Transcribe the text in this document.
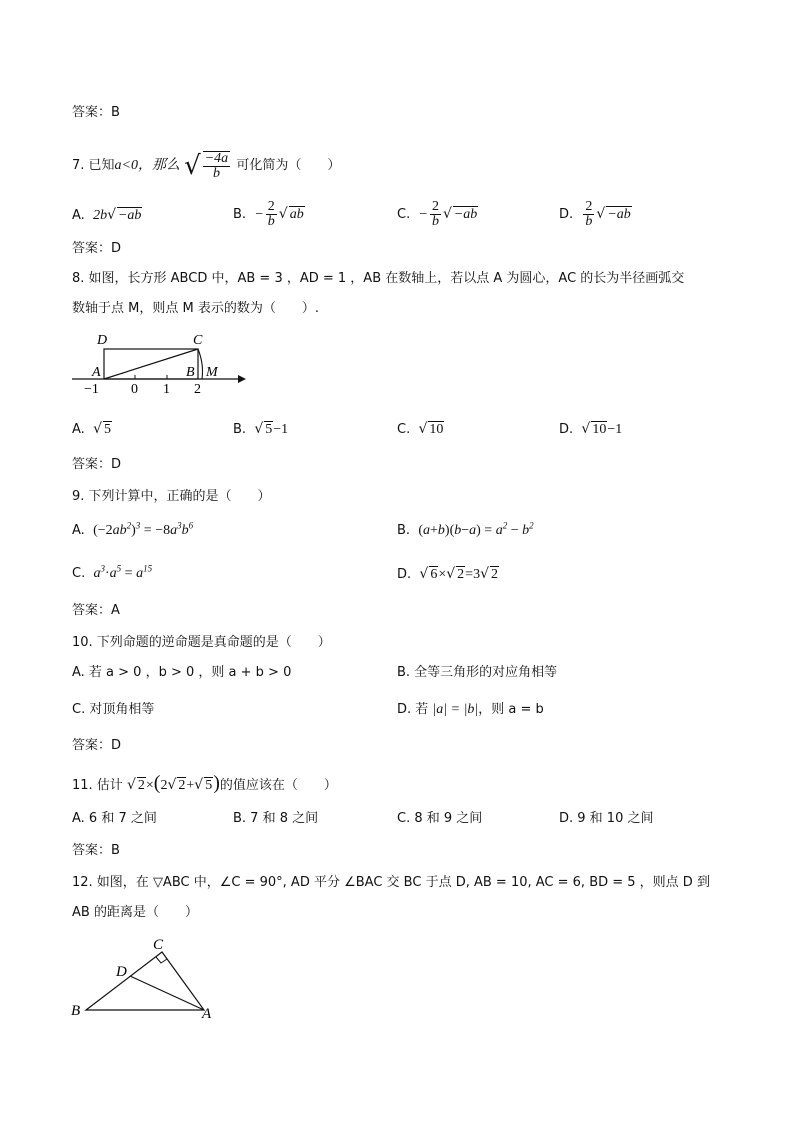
答案：B
7. 已知a<0，那么 √ $\frac{-4a}{b}$ 可化简为（　　）
A. 2b√ −ab	B. − $\frac{2}{b}$ √ ab	C. − $\frac{2}{b}$ √ −ab	D. $\frac{2}{b}$ √ −ab
答案：D
8. 如图，长方形 ABCD 中，AB = 3 ，AD = 1 ，AB 在数轴上，若以点 A 为圆心，AC 的长为半径画弧交
数轴于点 M，则点 M 表示的数为（　　）.
D	C
A	B M
−1 0 1 2
A. √ 5	B. √ 5−1	C. √ 10	D. √ 10−1
答案：D
9. 下列计算中，正确的是（　　）
A. $(-2ab^2)^3 = -8a^3b^6$	B. $(a+b)(b-a) = a^2 - b^2$
C. $a^3\cdot a^5 = a^{15}$	D. √ 6×√ 2=3√ 2
答案：A
10. 下列命题的逆命题是真命题的是（　　）
A. 若 a > 0 ，b > 0 ，则 a + b > 0	B. 全等三角形的对应角相等
C. 对顶角相等	D. 若 |a| = |b|，则 a = b
答案：D
11. 估计 √ 2×(2√ 2+√ 5)的值应该在（　　）
A. 6 和 7 之间	B. 7 和 8 之间	C. 8 和 9 之间	D. 9 和 10 之间
答案：B
12. 如图，在 ▽ABC 中，∠C = 90°, AD 平分 ∠BAC 交 BC 于点 D, AB = 10, AC = 6, BD = 5 ，则点 D 到
AB 的距离是（　　）
C
D
B	A
